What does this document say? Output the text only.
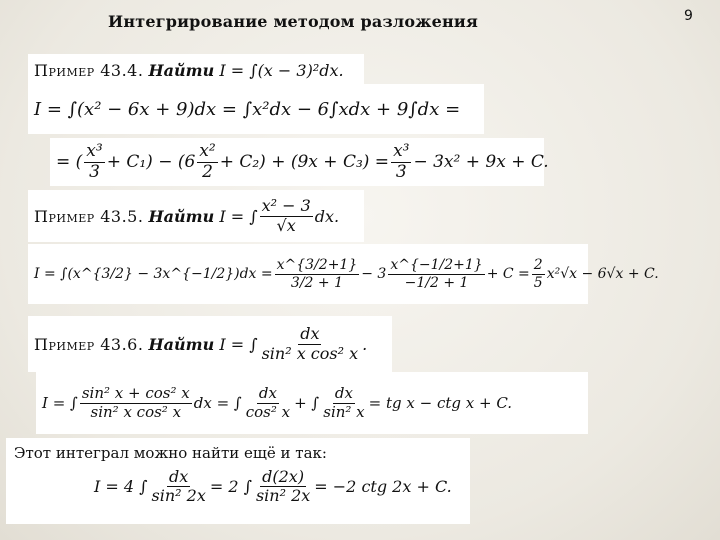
Интегрирование методом разложения	9
Пример 43.4.
Найти
I = ∫(x − 3)²dx.
I = ∫(x² − 6x + 9)dx = ∫x²dx − 6∫xdx + 9∫dx =
= ( $\frac{\text{x³}}{3} + C_1) - (6 \frac{\text{x²}}{2} + C_2) + (9x + C_3) = \frac{\text{x³}}{3} - 3x^2 + 9x + C$.
Пример 43.5.
Найти
I = ∫ $\frac{\text{x² − 3}}{√x}$ dx.
I = ∫(x^{3/2} − 3x^{−1/2})dx = $\frac{x\^{}\{3/2+1\}}{3/2 + 1} - 3 \frac{x\^{}\{-1/2+1\}}{-1/2 + 1} + C = \frac{2}{5} x^2√x - 6√x + C$.
Пример 43.6.
Найти
I = ∫ $\frac{dx}{\text{sin² x cos² x}}$ .
I = ∫ $\frac{\text{sin² x + cos² x}}{\text{sin² x cos² x}}$ dx = ∫ $\frac{dx}{\text{cos² x}}$ + ∫ $\frac{dx}{\text{sin² x}}$ = tg x − ctg x + C.
Этот интеграл можно найти ещё и так:
I = 4 ∫ $\frac{dx}{\text{sin² 2x}} = 2$ ∫ $\frac{d(2x)}{\text{sin² 2x}} = -2$ ctg 2x + C.
